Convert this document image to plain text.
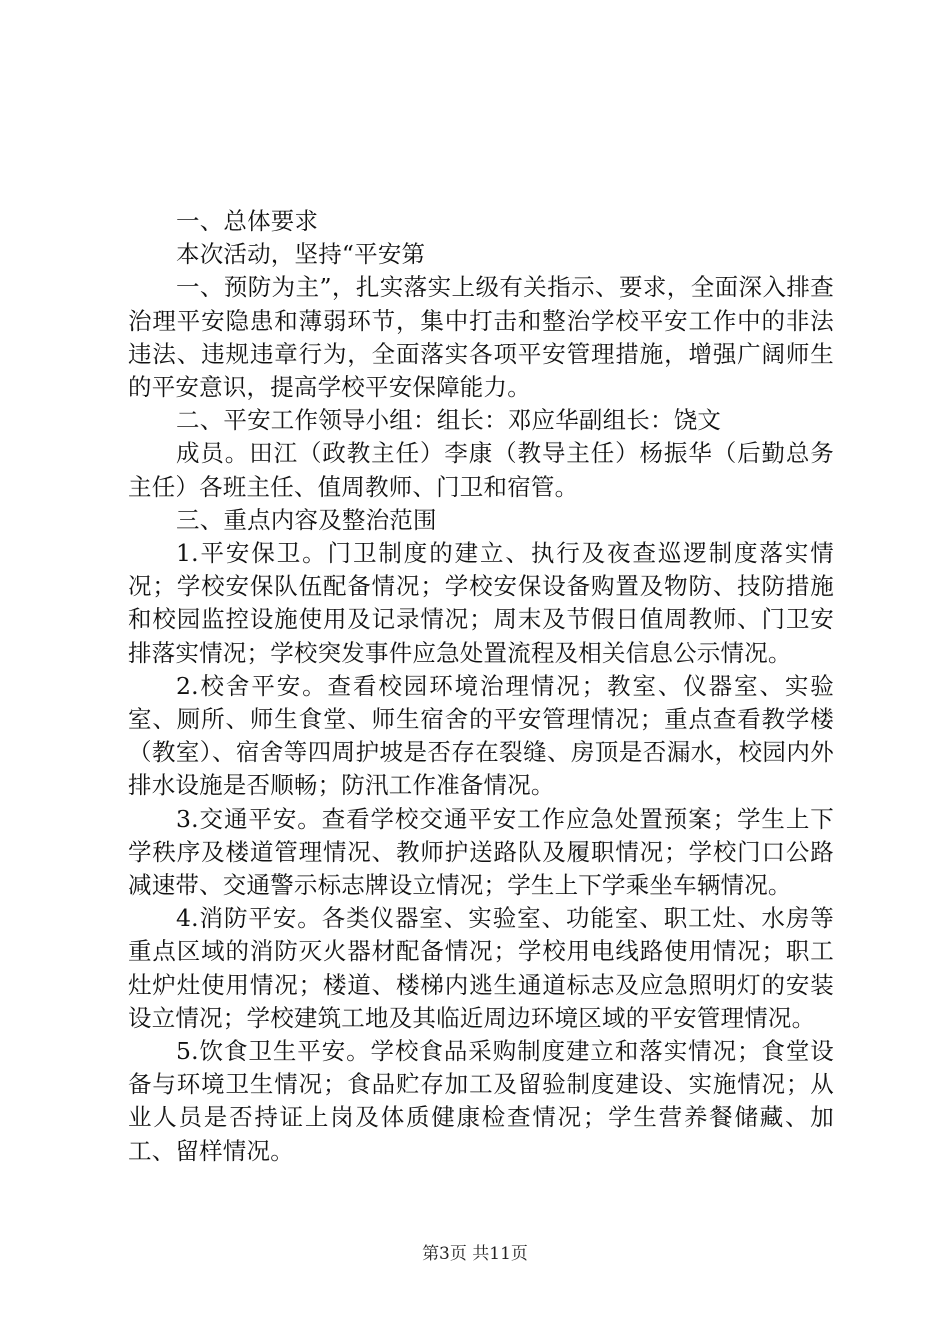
一、总体要求

本次活动，坚持“平安第

一、预防为主”，扎实落实上级有关指示、要求，全面深入排查治理平安隐患和薄弱环节，集中打击和整治学校平安工作中的非法违法、违规违章行为，全面落实各项平安管理措施，增强广阔师生的平安意识，提高学校平安保障能力。

二、平安工作领导小组：组长：邓应华副组长：饶文

成员。田江（政教主任）李康（教导主任）杨振华（后勤总务主任）各班主任、值周教师、门卫和宿管。

三、重点内容及整治范围

1.平安保卫。门卫制度的建立、执行及夜查巡逻制度落实情况；学校安保队伍配备情况；学校安保设备购置及物防、技防措施和校园监控设施使用及记录情况；周末及节假日值周教师、门卫安排落实情况；学校突发事件应急处置流程及相关信息公示情况。

2.校舍平安。查看校园环境治理情况；教室、仪器室、实验室、厕所、师生食堂、师生宿舍的平安管理情况；重点查看教学楼（教室）、宿舍等四周护坡是否存在裂缝、房顶是否漏水，校园内外排水设施是否顺畅；防汛工作准备情况。

3.交通平安。查看学校交通平安工作应急处置预案；学生上下学秩序及楼道管理情况、教师护送路队及履职情况；学校门口公路减速带、交通警示标志牌设立情况；学生上下学乘坐车辆情况。

4.消防平安。各类仪器室、实验室、功能室、职工灶、水房等重点区域的消防灭火器材配备情况；学校用电线路使用情况；职工灶炉灶使用情况；楼道、楼梯内逃生通道标志及应急照明灯的安装设立情况；学校建筑工地及其临近周边环境区域的平安管理情况。

5.饮食卫生平安。学校食品采购制度建立和落实情况；食堂设备与环境卫生情况；食品贮存加工及留验制度建设、实施情况；从业人员是否持证上岗及体质健康检查情况；学生营养餐储藏、加工、留样情况。

第3页 共11页
